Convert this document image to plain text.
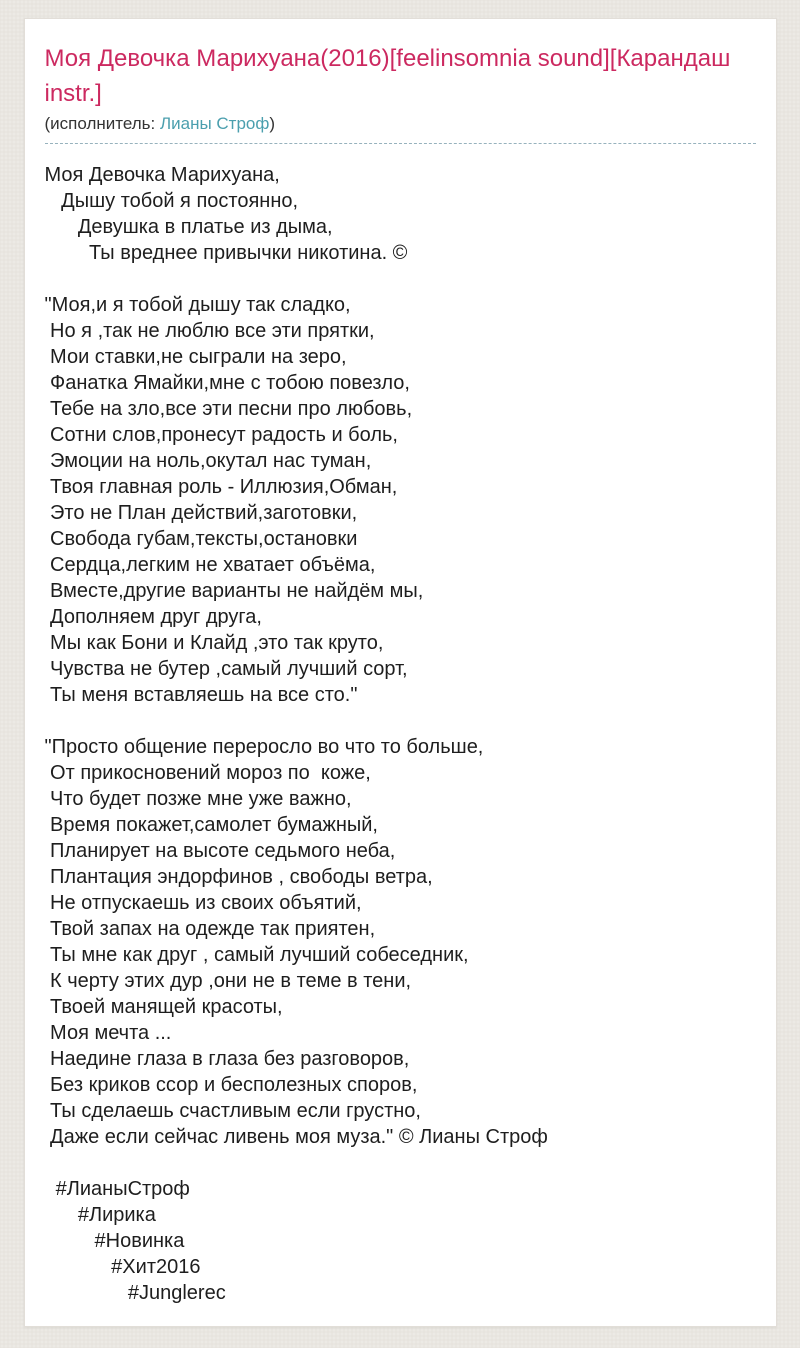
Моя Девочка Марихуана(2016)[feelinsomnia sound][Карандаш instr.]
(исполнитель: Лианы Строф)
Моя Девочка Марихуана,
Дышу тобой я постоянно,
Девушка в платье из дыма,
Ты вреднее привычки никотина. ©

"Моя,и я тобой дышу так сладко,
Но я ,так не люблю все эти прятки,
Мои ставки,не сыграли на зеро,
Фанатка Ямайки,мне с тобою повезло,
Тебе на зло,все эти песни про любовь,
Сотни слов,пронесут радость и боль,
Эмоции на ноль,окутал нас туман,
Твоя главная роль - Иллюзия,Обман,
Это не План действий,заготовки,
Свобода губам,тексты,остановки
Сердца,легким не хватает объёма,
Вместе,другие варианты не найдём мы,
Дополняем друг друга,
Мы как Бони и Клайд ,это так круто,
Чувства не бутер ,самый лучший сорт,
Ты меня вставляешь на все сто."

"Просто общение переросло во что то больше,
От прикосновений мороз по  коже,
Что будет позже мне уже важно,
Время покажет,самолет бумажный,
Планирует на высоте седьмого неба,
Плантация эндорфинов , свободы ветра,
Не отпускаешь из своих объятий,
Твой запах на одежде так приятен,
Ты мне как друг , самый лучший собеседник,
К черту этих дур ,они не в теме в тени,
Твоей манящей красоты,
Моя мечта ...
Наедине глаза в глаза без разговоров,
Без криков ссор и бесполезных споров,
Ты сделаешь счастливым если грустно,
Даже если сейчас ливень моя муза." © Лианы Строф

#ЛианыСтроф
#Лирика
#Новинка
#Хит2016
#Junglerec
